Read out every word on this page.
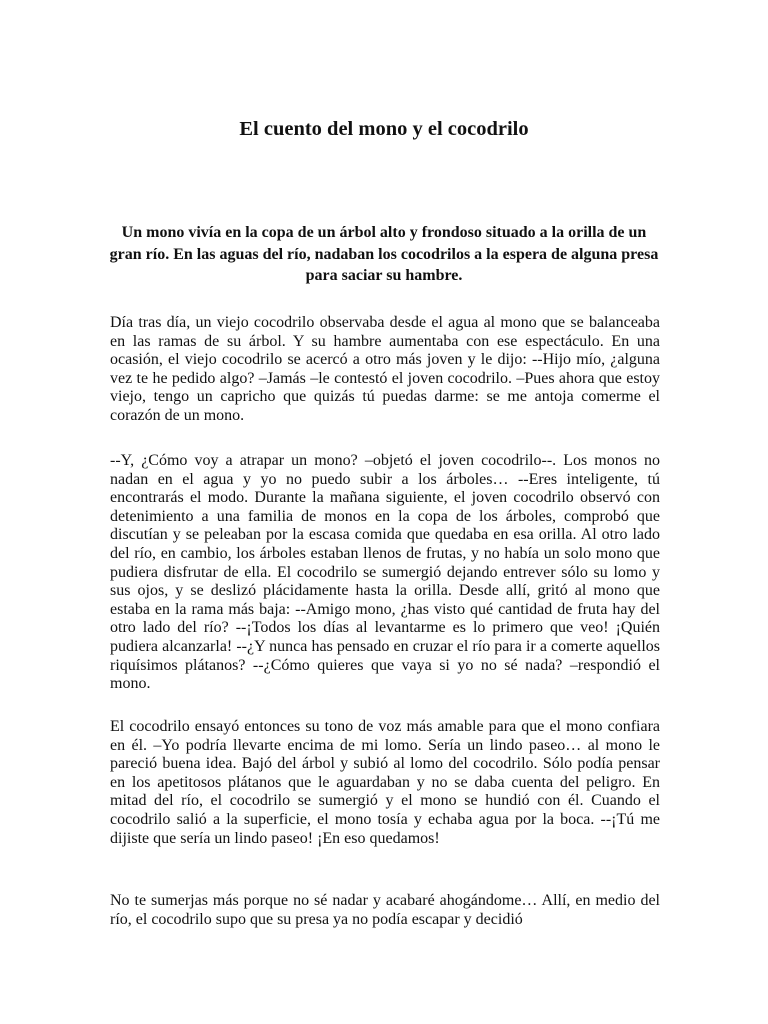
El cuento del mono y el cocodrilo

Un mono vivía en la copa de un árbol alto y frondoso situado a la orilla de un gran río. En las aguas del río, nadaban los cocodrilos a la espera de alguna presa para saciar su hambre.

Día tras día, un viejo cocodrilo observaba desde el agua al mono que se balanceaba en las ramas de su árbol. Y su hambre aumentaba con ese espectáculo. En una ocasión, el viejo cocodrilo se acercó a otro más joven y le dijo: --Hijo mío, ¿alguna vez te he pedido algo? –Jamás –le contestó el joven cocodrilo. –Pues ahora que estoy viejo, tengo un capricho que quizás tú puedas darme: se me antoja comerme el corazón de un mono.

--Y, ¿Cómo voy a atrapar un mono? –objetó el joven cocodrilo--. Los monos no nadan en el agua y yo no puedo subir a los árboles… --Eres inteligente, tú encontrarás el modo. Durante la mañana siguiente, el joven cocodrilo observó con detenimiento a una familia de monos en la copa de los árboles, comprobó que discutían y se peleaban por la escasa comida que quedaba en esa orilla. Al otro lado del río, en cambio, los árboles estaban llenos de frutas, y no había un solo mono que pudiera disfrutar de ella. El cocodrilo se sumergió dejando entrever sólo su lomo y sus ojos, y se deslizó plácidamente hasta la orilla. Desde allí, gritó al mono que estaba en la rama más baja: --Amigo mono, ¿has visto qué cantidad de fruta hay del otro lado del río? --¡Todos los días al levantarme es lo primero que veo! ¡Quién pudiera alcanzarla! --¿Y nunca has pensado en cruzar el río para ir a comerte aquellos riquísimos plátanos? --¿Cómo quieres que vaya si yo no sé nada? –respondió el mono.

El cocodrilo ensayó entonces su tono de voz más amable para que el mono confiara en él. –Yo podría llevarte encima de mi lomo. Sería un lindo paseo… al mono le pareció buena idea. Bajó del árbol y subió al lomo del cocodrilo. Sólo podía pensar en los apetitosos plátanos que le aguardaban y no se daba cuenta del peligro. En mitad del río, el cocodrilo se sumergió y el mono se hundió con él. Cuando el cocodrilo salió a la superficie, el mono tosía y echaba agua por la boca. --¡Tú me dijiste que sería un lindo paseo! ¡En eso quedamos!

No te sumerjas más porque no sé nadar y acabaré ahogándome… Allí, en medio del río, el cocodrilo supo que su presa ya no podía escapar y decidió
